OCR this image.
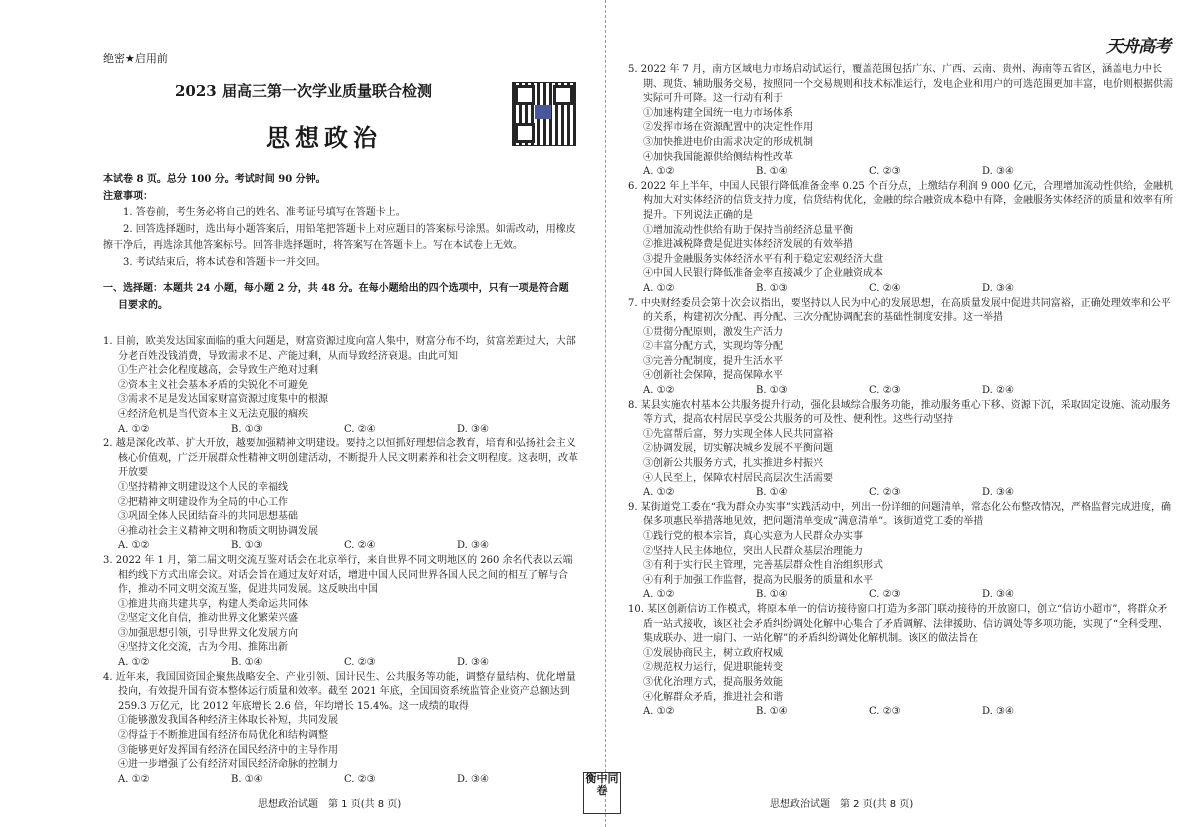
绝密★启用前
2023 届高三第一次学业质量联合检测
思想政治

本试卷 8 页。总分 100 分。考试时间 90 分钟。

注意事项：

1. 答卷前，考生务必将自己的姓名、准考证号填写在答题卡上。

2. 回答选择题时，选出每小题答案后，用铅笔把答题卡上对应题目的答案标号涂黑。如需改动，用橡皮擦干净后，再选涂其他答案标号。回答非选择题时，将答案写在答题卡上。写在本试卷上无效。

3. 考试结束后，将本试卷和答题卡一并交回。

一、选择题：本题共 24 小题，每小题 2 分，共 48 分。在每小题给出的四个选项中，只有一项是符合题目要求的。

1. 目前，欧美发达国家面临的重大问题是，财富资源过度向富人集中，财富分布不均，贫富差距过大，大部分老百姓没钱消费，导致需求不足、产能过剩，从而导致经济衰退。由此可知

①生产社会化程度越高，会导致生产绝对过剩

②资本主义社会基本矛盾的尖锐化不可避免

③需求不足是发达国家财富资源过度集中的根源

④经济危机是当代资本主义无法克服的痼疾

A. ①②	B. ①③	C. ②④	D. ③④

2. 越是深化改革、扩大开放，越要加强精神文明建设。要持之以恒抓好理想信念教育，培育和弘扬社会主义核心价值观，广泛开展群众性精神文明创建活动，不断提升人民文明素养和社会文明程度。这表明，改革开放要

①坚持精神文明建设这个人民的幸福线

②把精神文明建设作为全局的中心工作

③巩固全体人民团结奋斗的共同思想基础

④推动社会主义精神文明和物质文明协调发展

A. ①②	B. ①③	C. ②④	D. ③④

3. 2022 年 1 月，第二届文明交流互鉴对话会在北京举行，来自世界不同文明地区的 260 余名代表以云端相约线下方式出席会议。对话会旨在通过友好对话，增进中国人民同世界各国人民之间的相互了解与合作，推动不同文明交流互鉴，促进共同发展。这反映出中国

①推进共商共建共享，构建人类命运共同体

②坚定文化自信，推动世界文化繁荣兴盛

③加强思想引领，引导世界文化发展方向

④坚持文化交流，古为今用、推陈出新

A. ①②	B. ①④	C. ②③	D. ③④

4. 近年来，我国国资国企聚焦战略安全、产业引领、国计民生、公共服务等功能，调整存量结构、优化增量投向，有效提升国有资本整体运行质量和效率。截至 2021 年底，全国国资系统监管企业资产总额达到 259.3 万亿元，比 2012 年底增长 2.6 倍，年均增长 15.4%。这一成绩的取得

①能够激发我国各种经济主体取长补短，共同发展

②得益于不断推进国有经济布局优化和结构调整

③能够更好发挥国有经济在国民经济中的主导作用

④进一步增强了公有经济对国民经济命脉的控制力

A. ①②	B. ①④	C. ②③	D. ③④
思想政治试题　第 1 页(共 8 页)
衡中同卷
天舟高考

5. 2022 年 7 月，南方区域电力市场启动试运行，覆盖范围包括广东、广西、云南、贵州、海南等五省区，涵盖电力中长期、现货、辅助服务交易，按照同一个交易规则和技术标准运行，发电企业和用户的可选范围更加丰富，电价则根据供需实际可升可降。这一行动有利于

①加速构建全国统一电力市场体系

②发挥市场在资源配置中的决定性作用

③加快推进电价由需求决定的形成机制

④加快我国能源供给侧结构性改革

A. ①②	B. ①④	C. ②③	D. ③④

6. 2022 年上半年，中国人民银行降低准备金率 0.25 个百分点，上缴结存利润 9 000 亿元，合理增加流动性供给，金融机构加大对实体经济的信贷支持力度，信贷结构优化，金融的综合融资成本稳中有降，金融服务实体经济的质量和效率有所提升。下列说法正确的是

①增加流动性供给有助于保持当前经济总量平衡

②推进减税降费是促进实体经济发展的有效举措

③提升金融服务实体经济水平有利于稳定宏观经济大盘

④中国人民银行降低准备金率直接减少了企业融资成本

A. ①②	B. ①③	C. ②④	D. ③④

7. 中央财经委员会第十次会议指出，要坚持以人民为中心的发展思想，在高质量发展中促进共同富裕，正确处理效率和公平的关系，构建初次分配、再分配、三次分配协调配套的基础性制度安排。这一举措

①贯彻分配原则，激发生产活力

②丰富分配方式，实现均等分配

③完善分配制度，提升生活水平

④创新社会保障，提高保障水平

A. ①②	B. ①③	C. ②③	D. ②④

8. 某县实施农村基本公共服务提升行动，强化县域综合服务功能，推动服务重心下移、资源下沉，采取固定设施、流动服务等方式，提高农村居民享受公共服务的可及性、便利性。这些行动坚持

①先富帮后富，努力实现全体人民共同富裕

②协调发展，切实解决城乡发展不平衡问题

③创新公共服务方式，扎实推进乡村振兴

④人民至上，保障农村居民高层次生活需要

A. ①②	B. ①④	C. ②③	D. ③④

9. 某街道党工委在“我为群众办实事”实践活动中，列出一份详细的问题清单，常态化公布整改情况，严格监督完成进度，确保多项惠民举措落地见效，把问题清单变成“满意清单”。该街道党工委的举措

①践行党的根本宗旨，真心实意为人民群众办实事

②坚持人民主体地位，突出人民群众基层治理能力

③有利于实行民主管理，完善基层群众性自治组织形式

④有利于加强工作监督，提高为民服务的质量和水平

A. ①②	B. ①④	C. ②③	D. ③④

10. 某区创新信访工作模式，将原本单一的信访接待窗口打造为多部门联动接待的开放窗口，创立“信访小超市”，将群众矛盾一站式接收，该区社会矛盾纠纷调处化解中心集合了矛盾调解、法律援助、信访调处等多项功能，实现了“全科受理、集成联办、进一扇门、一站化解”的矛盾纠纷调处化解机制。该区的做法旨在

①发展协商民主，树立政府权威

②规范权力运行，促进职能转变

③优化治理方式，提高服务效能

④化解群众矛盾，推进社会和谐

A. ①②	B. ①④	C. ②③	D. ③④
思想政治试题　第 2 页(共 8 页)
